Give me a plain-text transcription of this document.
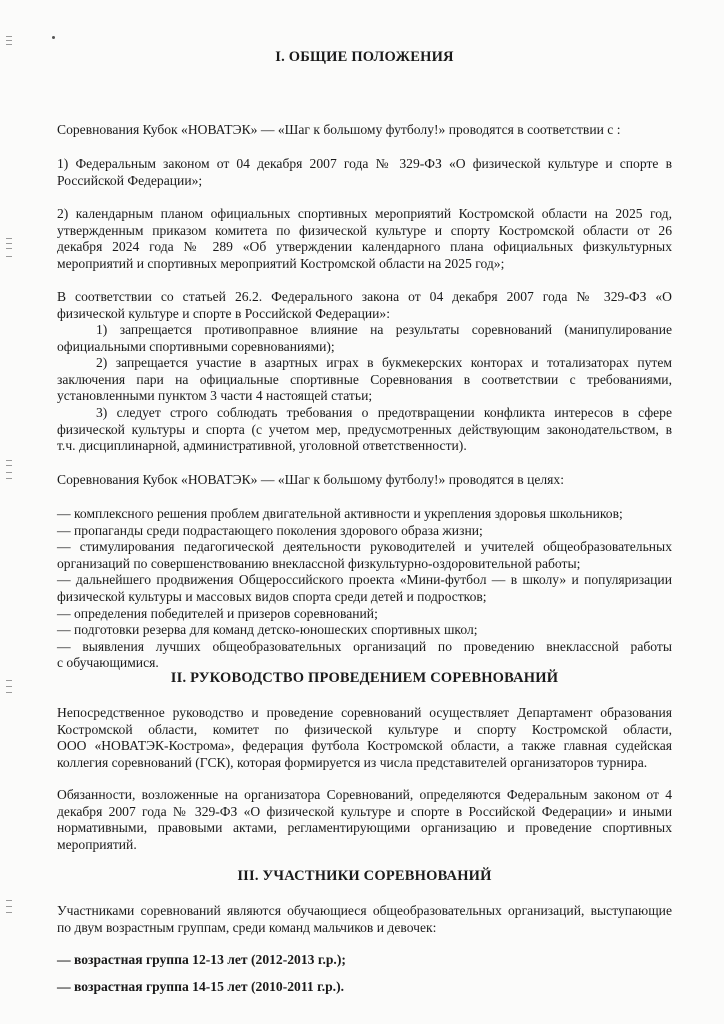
I. ОБЩИЕ ПОЛОЖЕНИЯ
Соревнования Кубок «НОВАТЭК» — «Шаг к большому футболу!» проводятся в соответствии с :
1) Федеральным законом от 04 декабря 2007 года № 329-ФЗ «О физической культуре и спорте в
Российской Федерации»;
2) календарным планом официальных спортивных мероприятий Костромской области на 2025 год,
утвержденным приказом комитета по физической культуре и спорту Костромской области от 26
декабря 2024 года № 289 «Об утверждении календарного плана официальных физкультурных
мероприятий и спортивных мероприятий Костромской области на 2025 год»;
В соответствии со статьей 26.2. Федерального закона от 04 декабря 2007 года № 329-ФЗ «О
физической культуре и спорте в Российской Федерации»:
1) запрещается противоправное влияние на результаты соревнований (манипулирование
официальными спортивными соревнованиями);
2) запрещается участие в азартных играх в букмекерских конторах и тотализаторах путем
заключения пари на официальные спортивные Соревнования в соответствии с требованиями,
установленными пунктом 3 части 4 настоящей статьи;
3) следует строго соблюдать требования о предотвращении конфликта интересов в сфере
физической культуры и спорта (с учетом мер, предусмотренных действующим законодательством, в
т.ч. дисциплинарной, административной, уголовной ответственности).
Соревнования Кубок «НОВАТЭК» — «Шаг к большому футболу!» проводятся в целях:
— комплексного решения проблем двигательной активности и укрепления здоровья школьников;
— пропаганды среди подрастающего поколения здорового образа жизни;
— стимулирования педагогической деятельности руководителей и учителей общеобразовательных
организаций по совершенствованию внеклассной физкультурно-оздоровительной работы;
— дальнейшего продвижения Общероссийского проекта «Мини-футбол — в школу» и популяризации
физической культуры и массовых видов спорта среди детей и подростков;
— определения победителей и призеров соревнований;
— подготовки резерва для команд детско-юношеских спортивных школ;
— выявления лучших общеобразовательных организаций по проведению внеклассной работы
с обучающимися.
II. РУКОВОДСТВО ПРОВЕДЕНИЕМ СОРЕВНОВАНИЙ
Непосредственное руководство и проведение соревнований осуществляет Департамент образования
Костромской области, комитет по физической культуре и спорту Костромской области,
ООО «НОВАТЭК-Кострома», федерация футбола Костромской области, а также главная судейская
коллегия соревнований (ГСК), которая формируется из числа представителей организаторов турнира.
Обязанности, возложенные на организатора Соревнований, определяются Федеральным законом от 4
декабря 2007 года № 329-ФЗ «О физической культуре и спорте в Российской Федерации» и иными
нормативными, правовыми актами, регламентирующими организацию и проведение спортивных
мероприятий.
III. УЧАСТНИКИ СОРЕВНОВАНИЙ
Участниками соревнований являются обучающиеся общеобразовательных организаций, выступающие
по двум возрастным группам, среди команд мальчиков и девочек:
— возрастная группа 12-13 лет (2012-2013 г.р.);
— возрастная группа 14-15 лет (2010-2011 г.р.).
